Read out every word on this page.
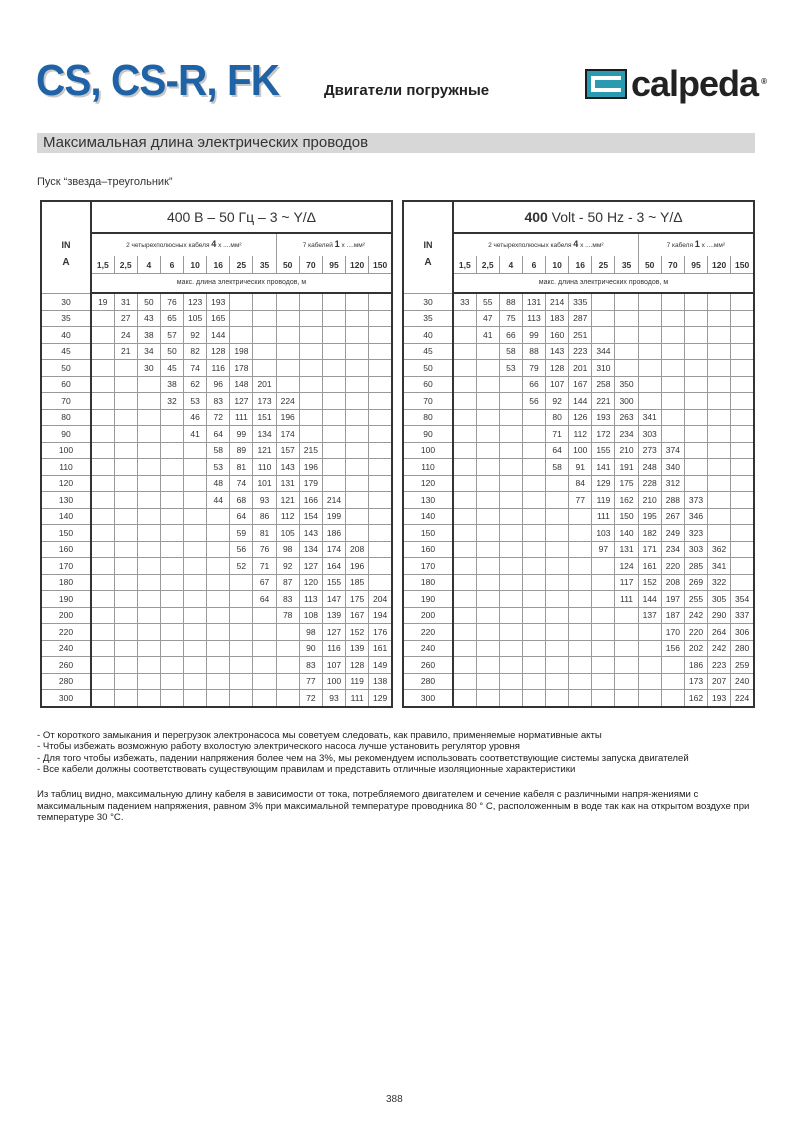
CS, CS-R, FK	Двигатели погружные	calpeda ®
Максимальная длина электрических проводов
Пуск “звезда–треугольник”
IN
A	400 В – 50 Гц – 3 ~ Y/Δ												
	2 четырехполюсных кабеля 4 x ....мм²								7 кабелей 1 x ....мм²				
	1,5	2,5	4	6	10	16	25	35	50	70	95	120	150
	макс. длина электрических проводов, м												
30	19	31	50	76	123	193							
35		27	43	65	105	165							
40		24	38	57	92	144							
45		21	34	50	82	128	198						
50			30	45	74	116	178						
60				38	62	96	148	201					
70				32	53	83	127	173	224				
80					46	72	111	151	196				
90					41	64	99	134	174				
100						58	89	121	157	215			
110						53	81	110	143	196			
120						48	74	101	131	179			
130						44	68	93	121	166	214		
140							64	86	112	154	199		
150							59	81	105	143	186		
160							56	76	98	134	174	208	
170							52	71	92	127	164	196	
180								67	87	120	155	185	
190								64	83	113	147	175	204
200									78	108	139	167	194
220										98	127	152	176
240										90	116	139	161
260										83	107	128	149
280										77	100	119	138
300										72	93	111	129
IN
A	400 Volt - 50 Hz - 3 ~ Y/Δ												
	2 четырехполюсных кабеля 4 x ....мм²								7 кабеля 1 x ....мм²				
	1,5	2,5	4	6	10	16	25	35	50	70	95	120	150
	макс. длина электрических проводов, м												
30	33	55	88	131	214	335							
35		47	75	113	183	287							
40		41	66	99	160	251							
45			58	88	143	223	344						
50			53	79	128	201	310						
60				66	107	167	258	350					
70				56	92	144	221	300					
80					80	126	193	263	341				
90					71	112	172	234	303				
100					64	100	155	210	273	374			
110					58	91	141	191	248	340			
120						84	129	175	228	312			
130						77	119	162	210	288	373		
140							111	150	195	267	346		
150							103	140	182	249	323		
160							97	131	171	234	303	362	
170								124	161	220	285	341	
180								117	152	208	269	322	
190								111	144	197	255	305	354
200									137	187	242	290	337
220										170	220	264	306
240										156	202	242	280
260											186	223	259
280											173	207	240
300											162	193	224
- От короткого замыкания и перегрузок электронасоса мы советуем следовать, как правило, применяемые нормативные акты
- Чтобы избежать возможную работу вхолостую электрического насоса лучше установить регулятор уровня
- Для того чтобы избежать, падении напряжения более чем на 3%, мы рекомендуем использовать соответствующие системы запуска двигателей
- Все кабели должны соответствовать существующим правилам и представить отличные изоляционные характеристики
Из таблиц видно, максимальную длину кабеля в зависимости от тока, потребляемого двигателем и сечение кабеля с различными напря-жениями с максимальным падением напряжения, равном 3% при максимальной температуре проводника 80 ° С, расположенным в воде так как на открытом воздухе при температуре 30 °С.
388
